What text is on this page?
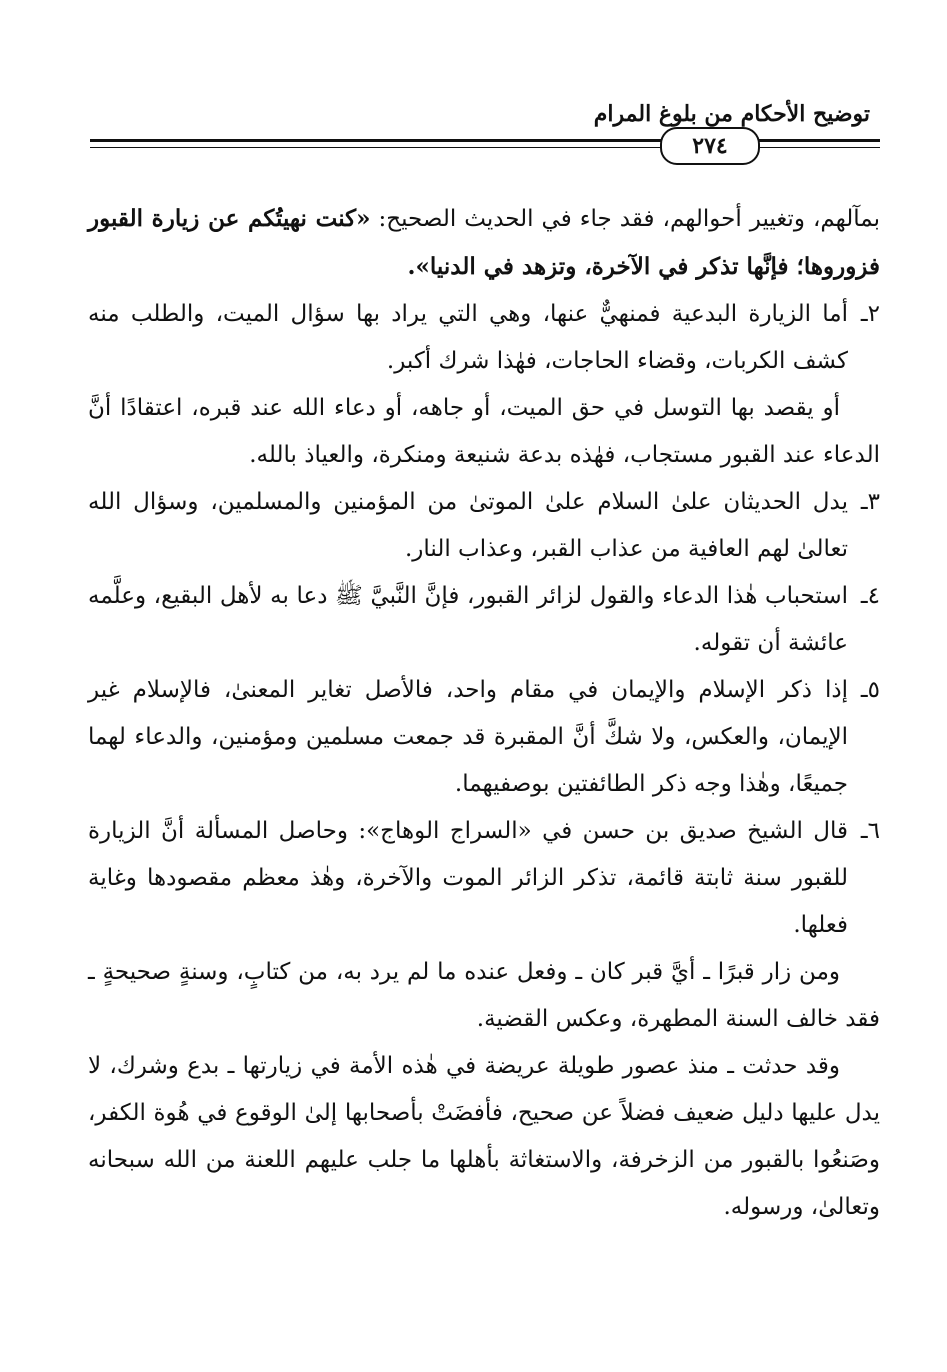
توضيح الأحكام من بلوغ المرام
٢٧٤

بمآلهم، وتغيير أحوالهم، فقد جاء في الحديث الصحيح: «كنت نهيتُكم عن زيارة القبور فزوروها؛ فإنَّها تذكر في الآخرة، وتزهد في الدنيا».

٢ـ
أما الزيارة البدعية فمنهيٌّ عنها، وهي التي يراد بها سؤال الميت، والطلب منه كشف الكربات، وقضاء الحاجات، فهٰذا شرك أكبر.

أو يقصد بها التوسل في حق الميت، أو جاهه، أو دعاء الله عند قبره، اعتقادًا أنَّ الدعاء عند القبور مستجاب، فهٰذه بدعة شنيعة ومنكرة، والعياذ بالله.

٣ـ
يدل الحديثان علىٰ السلام علىٰ الموتىٰ من المؤمنين والمسلمين، وسؤال الله تعالىٰ لهم العافية من عذاب القبر، وعذاب النار.

٤ـ
استحباب هٰذا الدعاء والقول لزائر القبور، فإنَّ النَّبيَّ ﷺ دعا به لأهل البقيع، وعلَّمه عائشة أن تقوله.

٥ـ
إذا ذكر الإسلام والإيمان في مقام واحد، فالأصل تغاير المعنىٰ، فالإسلام غير الإيمان، والعكس، ولا شكَّ أنَّ المقبرة قد جمعت مسلمين ومؤمنين، والدعاء لهما جميعًا، وهٰذا وجه ذكر الطائفتين بوصفيهما.

٦ـ
قال الشيخ صديق بن حسن في «السراج الوهاج»: وحاصل المسألة أنَّ الزيارة للقبور سنة ثابتة قائمة، تذكر الزائر الموت والآخرة، وهٰذ معظم مقصودها وغاية فعلها.

ومن زار قبرًا ـ أيَّ قبر كان ـ وفعل عنده ما لم يرد به، من كتابٍ، وسنةٍ صحيحةٍ ـ فقد خالف السنة المطهرة، وعكس القضية.

وقد حدثت ـ منذ عصور طويلة عريضة في هٰذه الأمة في زيارتها ـ بدع وشرك، لا يدل عليها دليل ضعيف فضلاً عن صحيح، فأفضَتْ بأصحابها إلىٰ الوقوع في هُوة الكفر، وصَنعُوا بالقبور من الزخرفة، والاستغاثة بأهلها ما جلب عليهم اللعنة من الله سبحانه وتعالىٰ، ورسوله.
